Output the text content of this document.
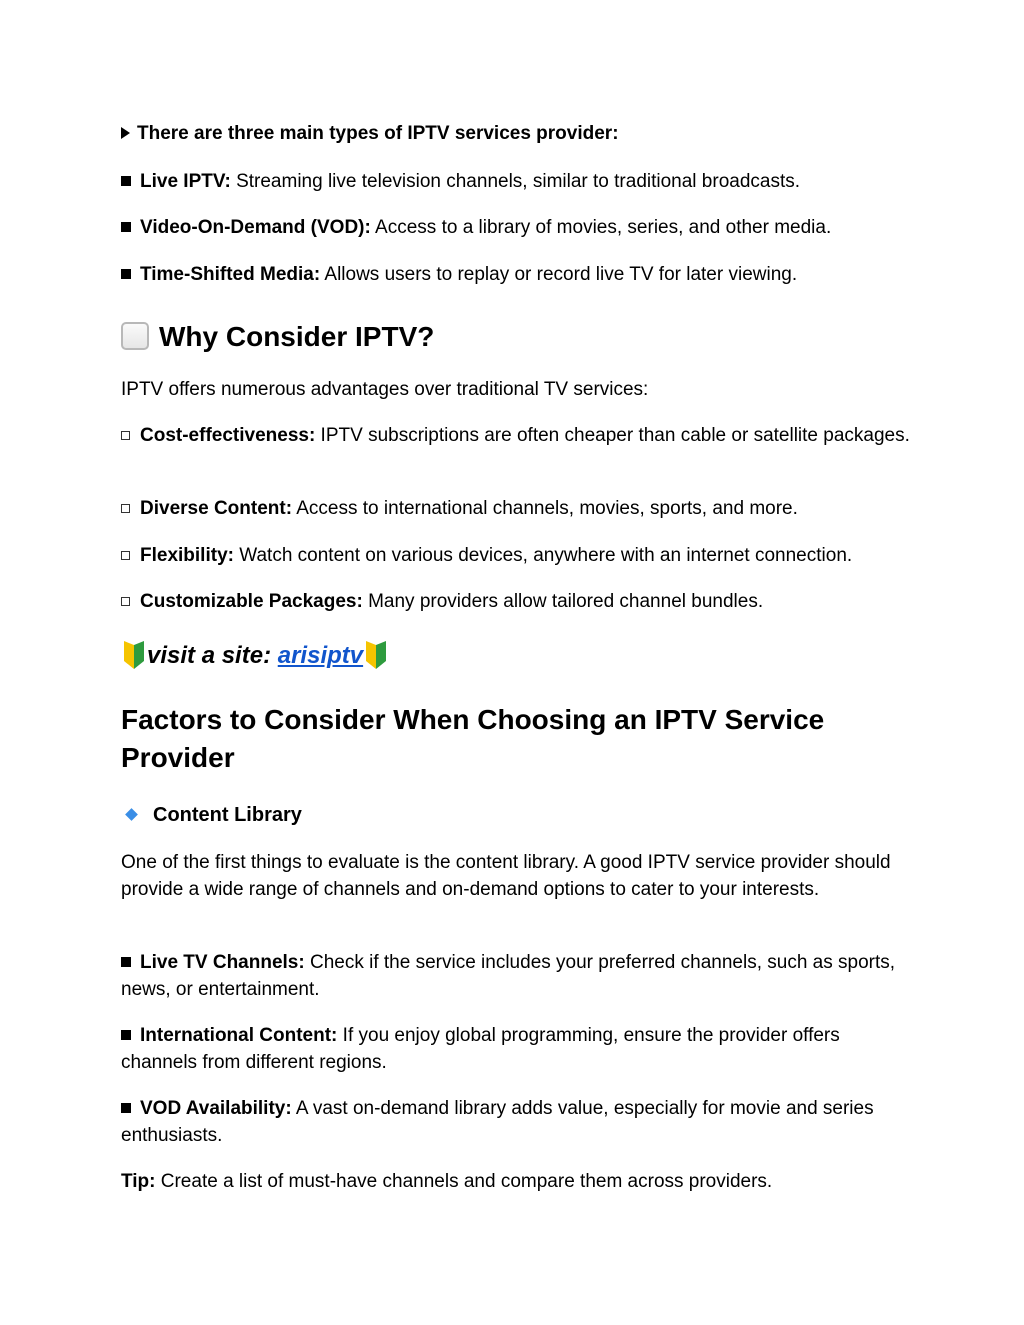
There are three main types of IPTV services provider:
Live IPTV: Streaming live television channels, similar to traditional broadcasts.
Video-On-Demand (VOD): Access to a library of movies, series, and other media.
Time-Shifted Media: Allows users to replay or record live TV for later viewing.
Why Consider IPTV?
IPTV offers numerous advantages over traditional TV services:
Cost-effectiveness: IPTV subscriptions are often cheaper than cable or satellite packages.
Diverse Content: Access to international channels, movies, sports, and more.
Flexibility: Watch content on various devices, anywhere with an internet connection.
Customizable Packages: Many providers allow tailored channel bundles.
visit a site: arisiptv
Factors to Consider When Choosing an IPTV Service Provider
Content Library
One of the first things to evaluate is the content library. A good IPTV service provider should provide a wide range of channels and on-demand options to cater to your interests.
Live TV Channels: Check if the service includes your preferred channels, such as sports, news, or entertainment.
International Content: If you enjoy global programming, ensure the provider offers channels from different regions.
VOD Availability: A vast on-demand library adds value, especially for movie and series enthusiasts.
Tip: Create a list of must-have channels and compare them across providers.
